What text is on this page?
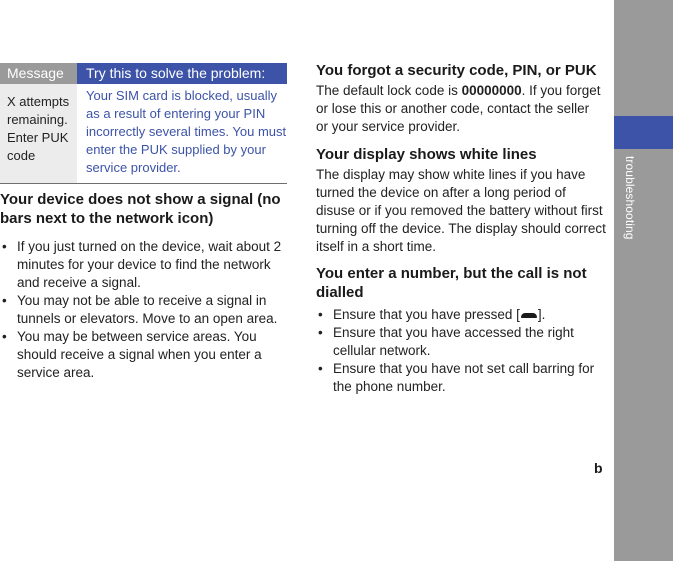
troubleshooting
b
Message	Try this to solve the problem:
X attempts remaining. Enter PUK code
Your SIM card is blocked, usually as a result of entering your PIN incorrectly several times. You must enter the PUK supplied by your service provider.
Your device does not show a signal (no bars next to the network icon)
• If you just turned on the device, wait about 2 minutes for your device to find the network and receive a signal.
• You may not be able to receive a signal in tunnels or elevators. Move to an open area.
• You may be between service areas. You should receive a signal when you enter a service area.
You forgot a security code, PIN, or PUK

The default lock code is 00000000. If you forget or lose this or another code, contact the seller or your service provider.

Your display shows white lines

The display may show white lines if you have turned the device on after a long period of disuse or if you removed the battery without first turning off the device. The display should correct itself in a short time.

You enter a number, but the call is not dialled
• Ensure that you have pressed [ ].
• Ensure that you have accessed the right cellular network.
• Ensure that you have not set call barring for the phone number.
